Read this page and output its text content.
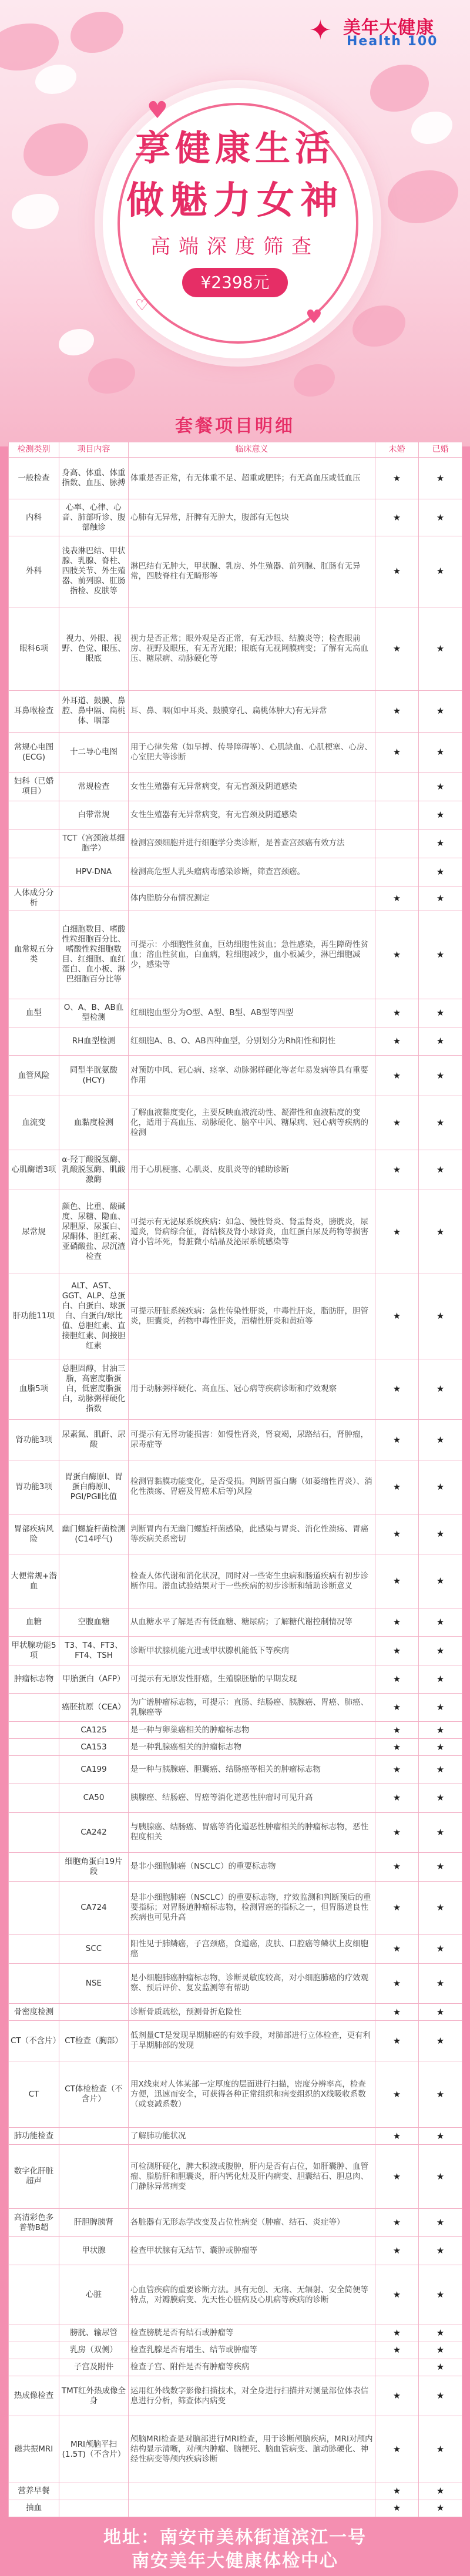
✦ 美年大健康
Health 100
♥
♥
♡
享健康生活
做魅力女神
高端深度筛查
¥2398元
套餐项目明细
检测类别	项目内容	临床意义	未婚	已婚
一般检查	身高、体重、体重指数、血压、脉搏	体重是否正常，有无体重不足、超重或肥胖；有无高血压或低血压	★	★
内科	心率、心律、心音、肺部听诊、腹部触诊	心肺有无异常，肝脾有无肿大，腹部有无包块	★	★
外科	浅表淋巴结、甲状腺、乳腺、脊柱、四肢关节、外生殖器、前列腺、肛肠指检、皮肤等	淋巴结有无肿大，甲状腺、乳房、外生殖器、前列腺、肛肠有无异常，四肢脊柱有无畸形等	★	★
眼科6项	视力、外眼、视野、色觉、眼压、眼底	视力是否正常；眼外观是否正常，有无沙眼、结膜炎等；检查眼前房、视野及眼压，有无青光眼；眼底有无视网膜病变；了解有无高血压、糖尿病、动脉硬化等	★	★
耳鼻喉检查	外耳道、鼓膜、鼻腔、鼻中隔、扁桃体、咽部	耳、鼻、咽(如中耳炎、鼓膜穿孔、扁桃体肿大)有无异常	★	★
常规心电图(ECG)	十二导心电图	用于心律失常（如早搏、传导障碍等）、心肌缺血、心肌梗塞、心房、心室肥大等诊断	★	★
妇科（已婚项目）	常规检查	女性生殖器有无异常病变，有无宫颈及阴道感染		★
	白带常规	女性生殖器有无异常病变，有无宫颈及阴道感染		★
	TCT（宫颈液基细胞学）	检测宫颈细胞并进行细胞学分类诊断，是普查宫颈癌有效方法		★
	HPV-DNA	检测高危型人乳头瘤病毒感染诊断，筛查宫颈癌。		★
人体成分分析		体内脂肪分布情况测定	★	★
血常规五分类	白细胞数目、嗜酸性粒细胞百分比、嗜酸性粒细胞数目、红细胞、血红蛋白、血小板、淋巴细胞百分比等	可提示：小细胞性贫血，巨幼细胞性贫血；急性感染，再生障碍性贫血；溶血性贫血，白血病，粒细胞减少，血小板减少，淋巴细胞减少，感染等	★	★
血型	O、A、B、AB血型检测	红细胞血型分为O型、A型、B型、AB型等四型	★	★
	RH血型检测	红细胞A、B、O、AB四种血型，分别划分为Rh阳性和阴性	★	★
血管风险	同型半胱氨酸(HCY)	对预防中风、冠心病、痉挛、动脉粥样硬化等老年易发病等具有重要作用	★	★
血流变	血黏度检测	了解血液黏度变化，主要反映血液流动性、凝滞性和血液粘度的变化，适用于高血压、动脉硬化、脑卒中风、糖尿病、冠心病等疾病的检测	★	★
心肌酶谱3项	α-羟丁酸脱氢酶、乳酸脱氢酶、肌酸激酶	用于心肌梗塞、心肌炎、皮肌炎等的辅助诊断	★	★
尿常规	颜色、比重、酸碱度、尿糖、隐血、尿胆原、尿蛋白、尿酮体、胆红素、亚硝酸盐、尿沉渣检查	可提示有无泌尿系统疾病：如急、慢性肾炎、肾盂肾炎，膀胱炎，尿道炎，肾病综合征，肾结核及肾小球肾炎，血红蛋白尿及药物等损害肾小管坏死，肾脏微小结晶及泌尿系统感染等	★	★
肝功能11项	ALT、AST、GGT、ALP、总蛋白、白蛋白、球蛋白、白蛋白/球比值、总胆红素、直接胆红素、间接胆红素	可提示肝脏系统疾病：急性传染性肝炎，中毒性肝炎，脂肪肝，胆管炎，胆囊炎，药物中毒性肝炎，酒精性肝炎和黄疸等	★	★
血脂5项	总胆固醇，甘油三脂，高密度脂蛋白，低密度脂蛋白，动脉粥样硬化指数	用于动脉粥样硬化、高血压、冠心病等疾病诊断和疗效观察	★	★
肾功能3项	尿素氮、肌酐、尿酸	可提示有无肾功能损害：如慢性肾炎，肾衰竭，尿路结石，肾肿瘤，尿毒症等	★	★
胃功能3项	胃蛋白酶原Ⅰ、胃蛋白酶原Ⅱ、PGⅠ/PGⅡ比值	检测胃黏膜功能变化，是否受损。判断胃蛋白酶（如萎缩性胃炎）、消化性溃疡、胃癌及胃癌术后等)风险	★	★
胃部疾病风险	幽门螺旋杆菌检测(C14呼气)	判断胃内有无幽门螺旋杆菌感染，此感染与胃炎、消化性溃疡、胃癌等疾病关系密切	★	★
大便常规+潜血		检查人体代谢和消化状况，同时对一些寄生虫病和肠道疾病有初步诊断作用。潜血试验结果对于一些疾病的初步诊断和辅助诊断意义	★	★
血糖	空腹血糖	从血糖水平了解是否有低血糖、糖尿病；了解糖代谢控制情况等	★	★
甲状腺功能5项	T3、T4、FT3、FT4、TSH	诊断甲状腺机能亢进或甲状腺机能低下等疾病	★	★
肿瘤标志物	甲胎蛋白（AFP）	可提示有无原发性肝癌，生殖腺胚胎的早期发现	★	★
	癌胚抗原（CEA）	为广谱肿瘤标志物，可提示：直肠、结肠癌、胰腺癌、胃癌、肺癌、乳腺癌等	★	★
	CA125	是一种与卵巢癌相关的肿瘤标志物	★	★
	CA153	是一种乳腺癌相关的肿瘤标志物	★	★
	CA199	是一种与胰腺癌、胆囊癌、结肠癌等相关的肿瘤标志物	★	★
	CA50	胰腺癌、结肠癌、胃癌等消化道恶性肿瘤时可见升高	★	★
	CA242	与胰腺癌、结肠癌、胃癌等消化道恶性肿瘤相关的肿瘤标志物，恶性程度相关	★	★
	细胞角蛋白19片段	是非小细胞肺癌（NSCLC）的重要标志物	★	★
	CA724	是非小细胞肺癌（NSCLC）的重要标志物，疗效监测和判断预后的重要指标；对胃肠道肿瘤标志物，检测胃癌的指标之一，但胃肠道良性疾病也可见升高	★	★
	SCC	阳性见于肺鳞癌，子宫颈癌，食道癌，皮肤、口腔癌等鳞状上皮细胞癌	★	★
	NSE	是小细胞肺癌肿瘤标志物，诊断灵敏度较高，对小细胞肺癌的疗效观察、预后评价、复发监测等有帮助	★	★
骨密度检测		诊断骨质疏松，预测骨折危险性	★	★
CT（不含片）	CT检查（胸部）	低剂量CT是发现早期肺癌的有效手段，对肺部进行立体检查，更有利于早期肺部的发现	★	★
CT	CT体检检查（不含片）	用X线束对人体某部一定厚度的层面进行扫描，密度分辨率高，检查方便，迅速而安全，可获得各种正常组织和病变组织的X线吸收系数（或衰减系数）	★	★
肺功能检查		了解肺功能状况	★	★
数字化肝脏超声		可检测肝硬化，脾大积液或腹肿，肝内是否有占位，如肝囊肿、血管瘤、脂肪肝和胆囊炎，肝内钙化灶及肝内病变、胆囊结石、胆息肉、门静脉异常病变	★	★
高清彩色多普勒B超	肝胆脾胰肾	各脏器有无形态学改变及占位性病变（肿瘤、结石、炎症等）	★	★
	甲状腺	检查甲状腺有无结节、囊肿或肿瘤等	★	★
	心脏	心血管疾病的重要诊断方法。具有无创、无痛、无辐射、安全简便等特点，对瓣膜病变、先天性心脏病及心肌病等疾病的诊断	★	★
	膀胱、输尿管	检查膀胱是否有结石或肿瘤等	★	★
	乳房（双侧）	检查乳腺是否有增生、结节或肿瘤等	★	★
	子宫及附件	检查子宫、附件是否有肿瘤等疾病		★
热成像检查	TMT红外热成像全身	运用红外线数字影像扫描技术，对全身进行扫描并对测量部位体表信息进行分析，筛查体内病变	★	★
磁共振MRI	MRI颅脑平扫(1.5T)（不含片）	颅脑MRI检查是对脑部进行MRI检查，用于诊断颅脑疾病，MRI对颅内结构显示清晰，对颅内肿瘤、脑梗死、脑血管病变、脑动脉硬化、神经性病变等颅内疾病诊断	★	★
营养早餐			★	★
抽血			★	★
地址：南安市美林街道滨江一号
南安美年大健康体检中心
